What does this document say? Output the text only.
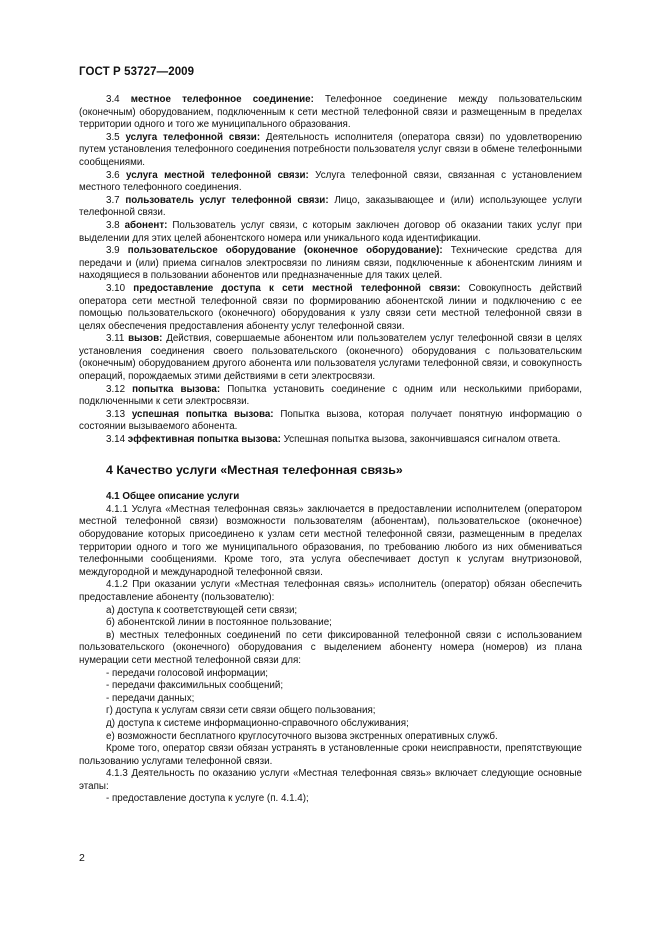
ГОСТ Р 53727—2009

3.4 местное телефонное соединение: Телефонное соединение между пользовательским (оконечным) оборудованием, подключенным к сети местной телефонной связи и размещенным в пределах территории одного и того же муниципального образования.

3.5 услуга телефонной связи: Деятельность исполнителя (оператора связи) по удовлетворению путем установления телефонного соединения потребности пользователя услуг связи в обмене телефонными сообщениями.

3.6 услуга местной телефонной связи: Услуга телефонной связи, связанная с установлением местного телефонного соединения.

3.7 пользователь услуг телефонной связи: Лицо, заказывающее и (или) использующее услуги телефонной связи.

3.8 абонент: Пользователь услуг связи, с которым заключен договор об оказании таких услуг при выделении для этих целей абонентского номера или уникального кода идентификации.

3.9 пользовательское оборудование (оконечное оборудование): Технические средства для передачи и (или) приема сигналов электросвязи по линиям связи, подключенные к абонентским линиям и находящиеся в пользовании абонентов или предназначенные для таких целей.

3.10 предоставление доступа к сети местной телефонной связи: Совокупность действий оператора сети местной телефонной связи по формированию абонентской линии и подключению с ее помощью пользовательского (оконечного) оборудования к узлу связи сети местной телефонной связи в целях обеспечения предоставления абоненту услуг телефонной связи.

3.11 вызов: Действия, совершаемые абонентом или пользователем услуг телефонной связи в целях установления соединения своего пользовательского (оконечного) оборудования с пользовательским (оконечным) оборудованием другого абонента или пользователя услугами телефонной связи, и совокупность операций, порождаемых этими действиями в сети электросвязи.

3.12 попытка вызова: Попытка установить соединение с одним или несколькими приборами, подключенными к сети электросвязи.

3.13 успешная попытка вызова: Попытка вызова, которая получает понятную информацию о состоянии вызываемого абонента.

3.14 эффективная попытка вызова: Успешная попытка вызова, закончившаяся сигналом ответа.

4 Качество услуги «Местная телефонная связь»
4.1 Общее описание услуги

4.1.1 Услуга «Местная телефонная связь» заключается в предоставлении исполнителем (оператором местной телефонной связи) возможности пользователям (абонентам), пользовательское (оконечное) оборудование которых присоединено к узлам сети местной телефонной связи, размещенным в пределах территории одного и того же муниципального образования, по требованию любого из них обмениваться телефонными сообщениями. Кроме того, эта услуга обеспечивает доступ к услугам внутризоновой, междугородной и международной телефонной связи.

4.1.2 При оказании услуги «Местная телефонная связь» исполнитель (оператор) обязан обеспечить предоставление абоненту (пользователю):

а) доступа к соответствующей сети связи;
б) абонентской линии в постоянное пользование;

в) местных телефонных соединений по сети фиксированной телефонной связи с использованием пользовательского (оконечного) оборудования с выделением абоненту номера (номеров) из плана нумерации сети местной телефонной связи для:

- передачи голосовой информации;
- передачи факсимильных сообщений;
- передачи данных;
г) доступа к услугам связи сети связи общего пользования;
д) доступа к системе информационно-справочного обслуживания;
е) возможности бесплатного круглосуточного вызова экстренных оперативных служб.

Кроме того, оператор связи обязан устранять в установленные сроки неисправности, препятствующие пользованию услугами телефонной связи.

4.1.3 Деятельность по оказанию услуги «Местная телефонная связь» включает следующие основные этапы:

- предоставление доступа к услуге (п. 4.1.4);
2
